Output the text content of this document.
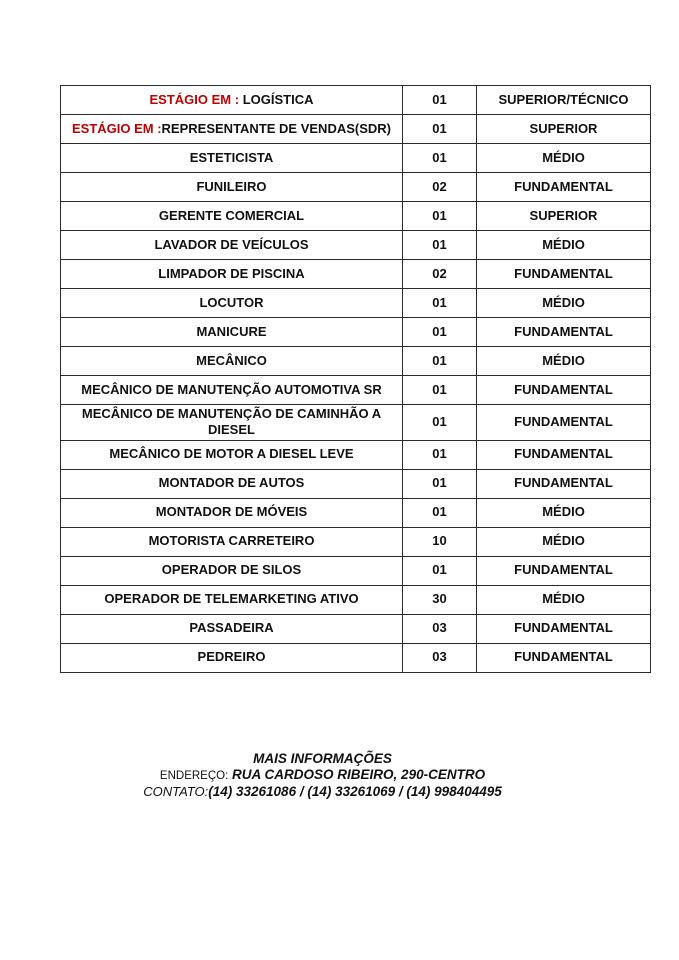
ESTÁGIO EM : LOGÍSTICA	01	SUPERIOR/TÉCNICO
ESTÁGIO EM :REPRESENTANTE DE VENDAS(SDR)	01	SUPERIOR
ESTETICISTA	01	MÉDIO
FUNILEIRO	02	FUNDAMENTAL
GERENTE COMERCIAL	01	SUPERIOR
LAVADOR DE VEÍCULOS	01	MÉDIO
LIMPADOR DE PISCINA	02	FUNDAMENTAL
LOCUTOR	01	MÉDIO
MANICURE	01	FUNDAMENTAL
MECÂNICO	01	MÉDIO
MECÂNICO DE MANUTENÇÃO AUTOMOTIVA SR	01	FUNDAMENTAL
MECÂNICO DE MANUTENÇÃO DE CAMINHÃO A DIESEL	01	FUNDAMENTAL
MECÂNICO DE MOTOR A DIESEL LEVE	01	FUNDAMENTAL
MONTADOR DE AUTOS	01	FUNDAMENTAL
MONTADOR DE MÓVEIS	01	MÉDIO
MOTORISTA CARRETEIRO	10	MÉDIO
OPERADOR DE SILOS	01	FUNDAMENTAL
OPERADOR DE TELEMARKETING ATIVO	30	MÉDIO
PASSADEIRA	03	FUNDAMENTAL
PEDREIRO	03	FUNDAMENTAL
MAIS INFORMAÇÕES
ENDEREÇO: RUA CARDOSO RIBEIRO, 290-CENTRO
CONTATO:(14) 33261086 / (14) 33261069 / (14) 998404495
